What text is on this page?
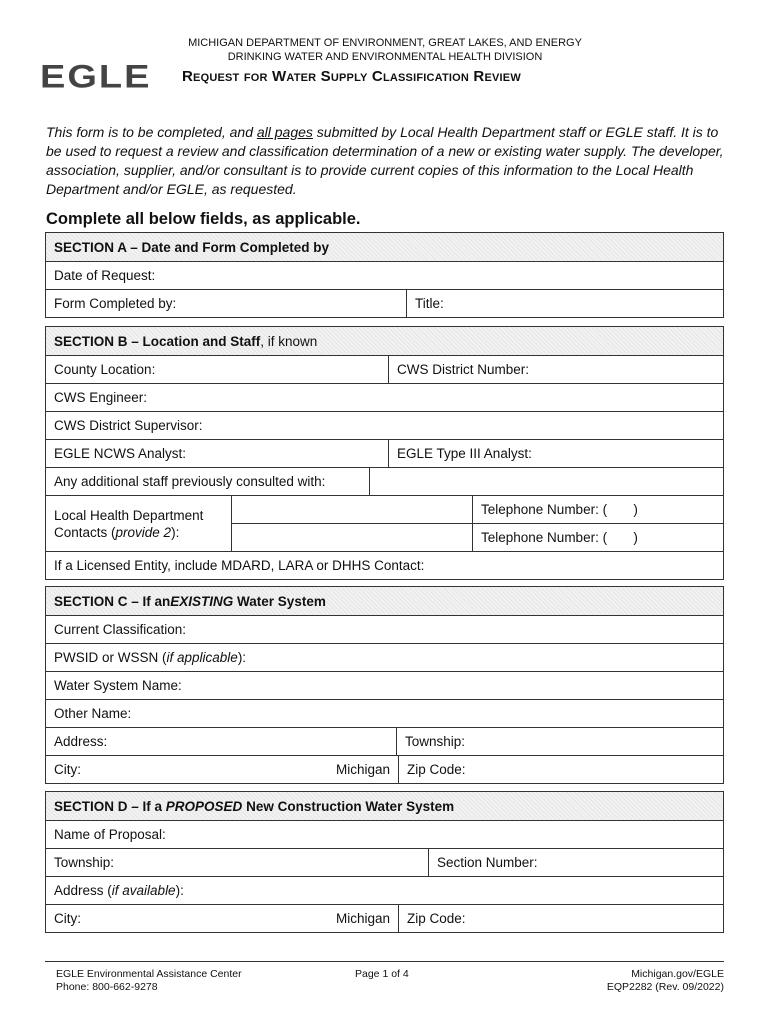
EGLE
MICHIGAN DEPARTMENT OF ENVIRONMENT, GREAT LAKES, AND ENERGY
DRINKING WATER AND ENVIRONMENTAL HEALTH DIVISION
Request for Water Supply Classification Review
This form is to be completed, and all pages submitted by Local Health Department staff or EGLE staff. It is to be used to request a review and classification determination of a new or existing water supply. The developer, association, supplier, and/or consultant is to provide current copies of this information to the Local Health Department and/or EGLE, as requested.
Complete all below fields, as applicable.
SECTION A – Date and Form Completed by
Date of Request:
Form Completed by:	Title:
SECTION B – Location and Staff , if known
County Location:	CWS District Number:
CWS Engineer:
CWS District Supervisor:
EGLE NCWS Analyst:	EGLE Type III Analyst:
Any additional staff previously consulted with:
Local Health Department
Contacts (provide 2):
Telephone Number: (       )
Telephone Number: (       )
If a Licensed Entity, include MDARD, LARA or DHHS Contact:
SECTION C – If an EXISTING Water System
Current Classification:
PWSID or WSSN ( if applicable ):
Water System Name:
Other Name:
Address:	Township:
City:	Michigan	Zip Code:
SECTION D – If a PROPOSED New Construction Water System
Name of Proposal:
Township:	Section Number:
Address ( if available ):
City:	Michigan	Zip Code:
EGLE Environmental Assistance Center
Phone: 800-662-9278
Page 1 of 4	Michigan.gov/EGLE
EQP2282 (Rev. 09/2022)
